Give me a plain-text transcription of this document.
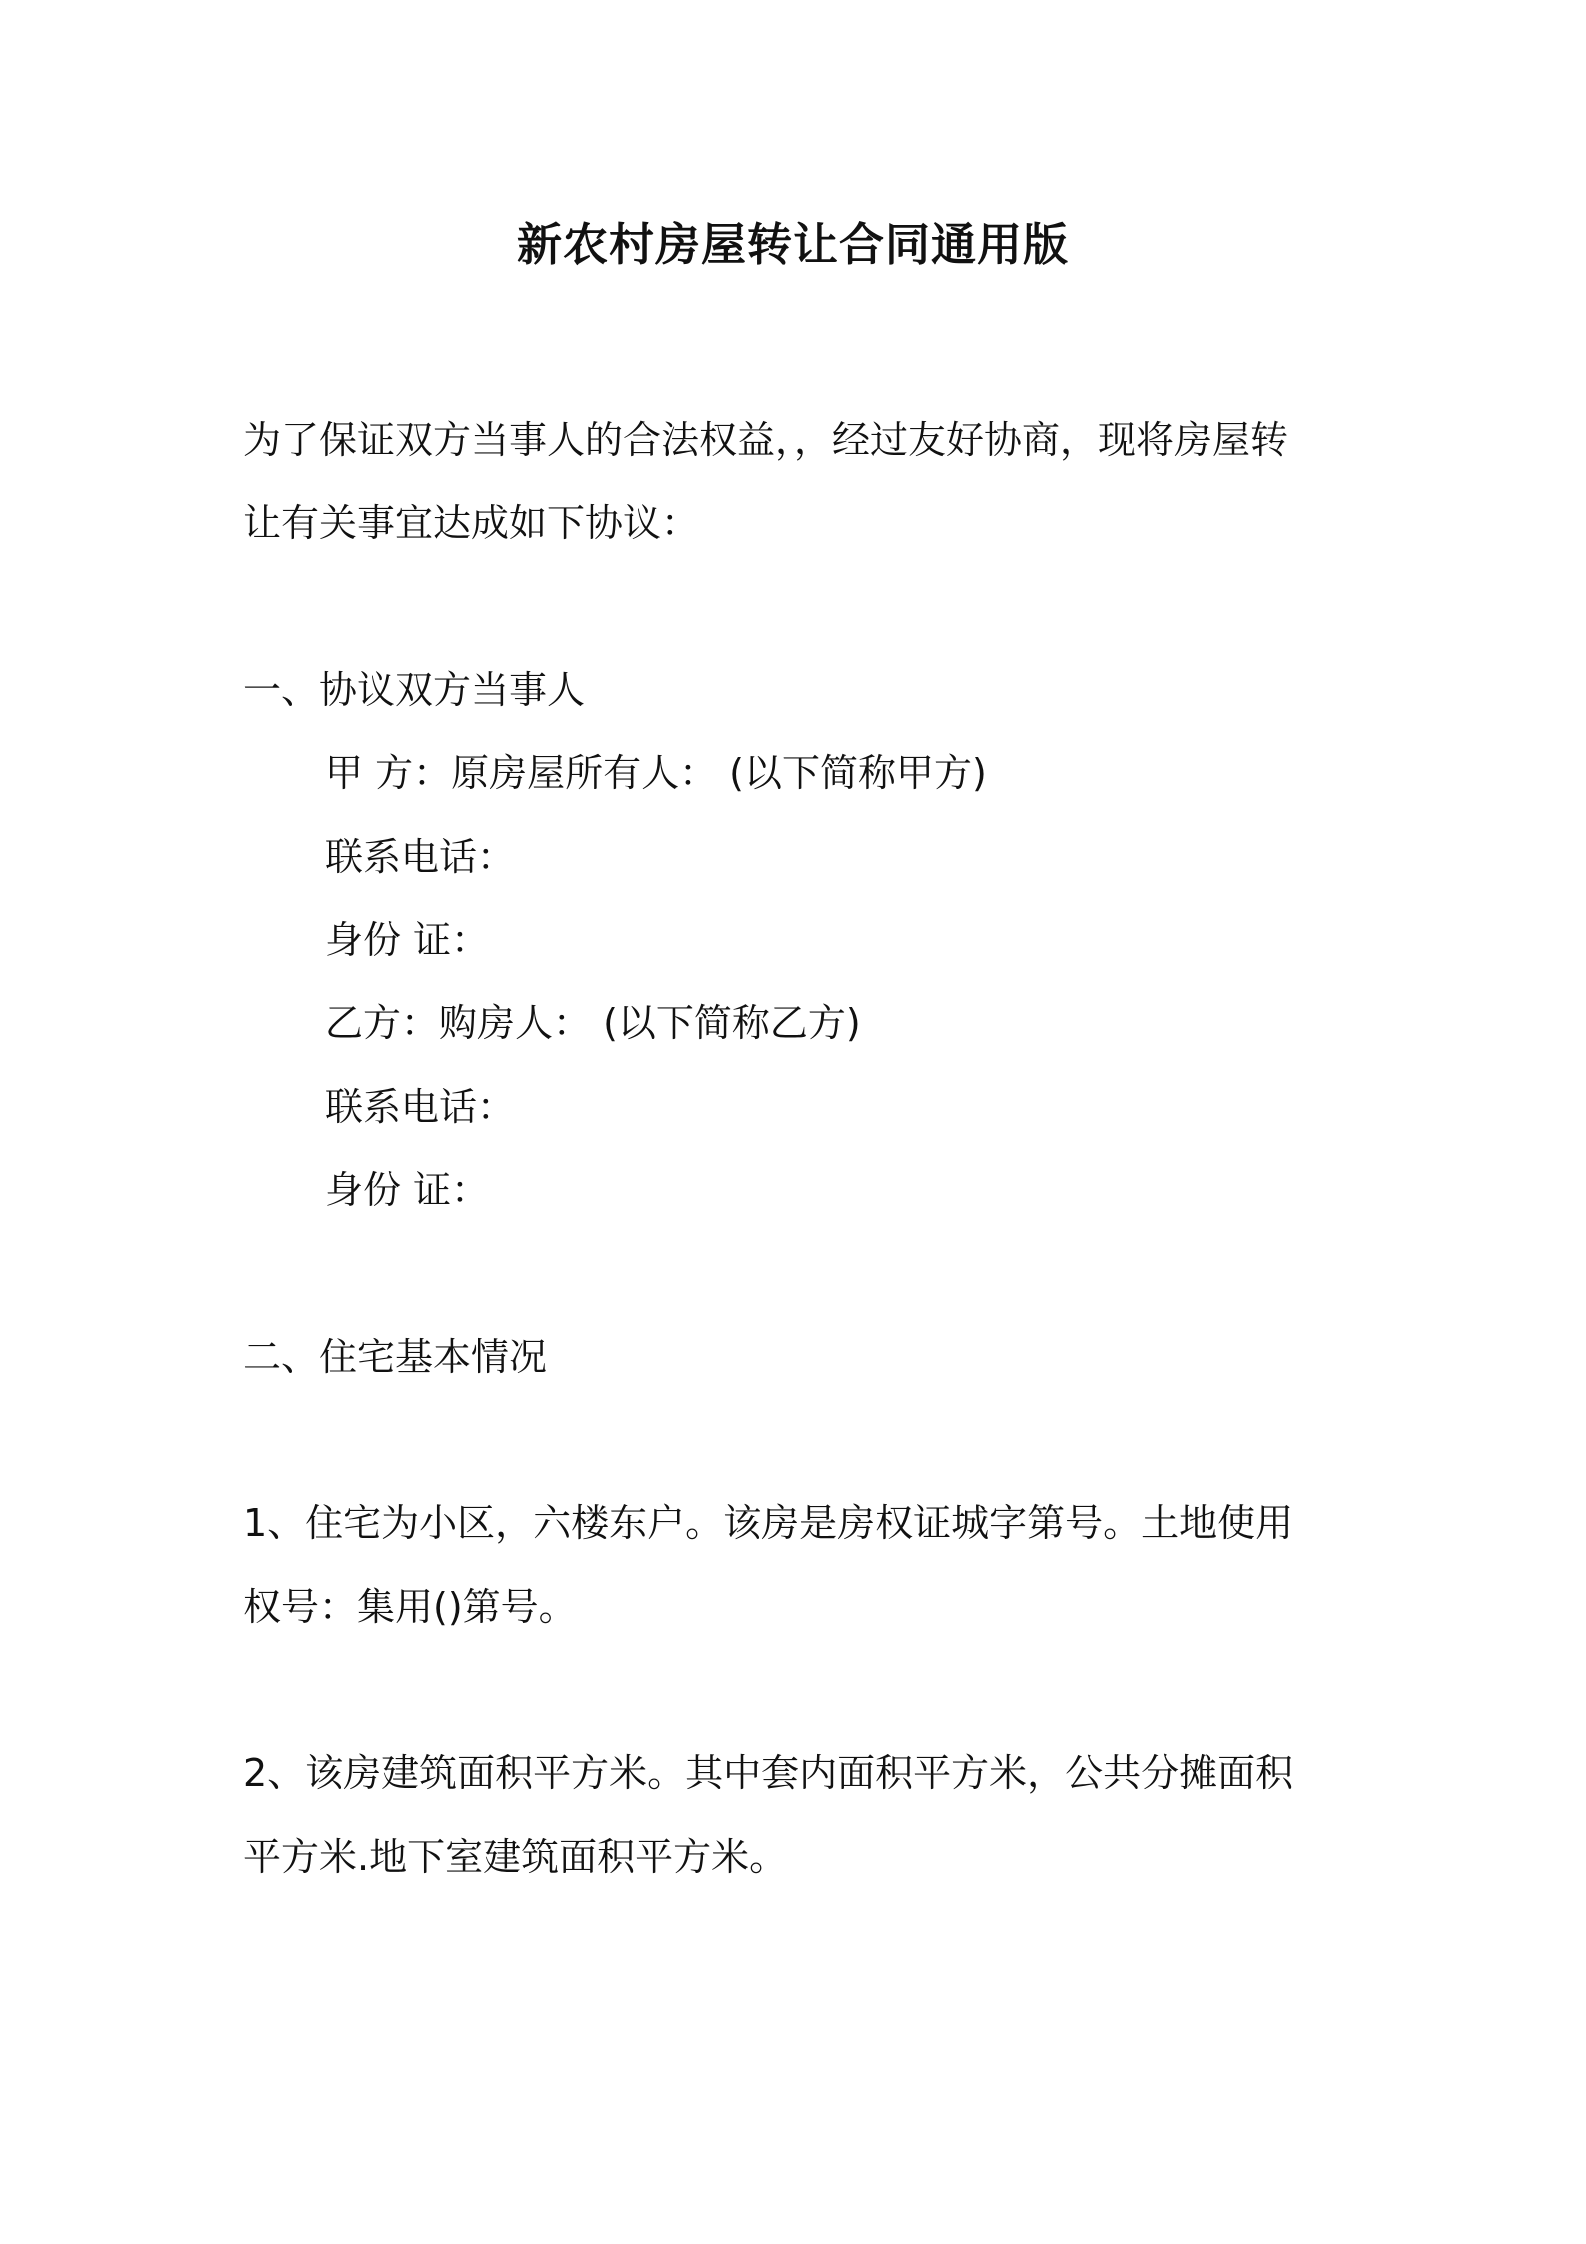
新农村房屋转让合同通用版
为了保证双方当事人的合法权益，，经过友好协商，现将房屋转
让有关事宜达成如下协议：
一、协议双方当事人
甲 方：原房屋所有人： (以下简称甲方)
联系电话：
身份 证：
乙方：购房人： (以下简称乙方)
联系电话：
身份 证：
二、住宅基本情况
1、住宅为小区，六楼东户。该房是房权证城字第号。土地使用
权号：集用()第号。
2、该房建筑面积平方米。其中套内面积平方米，公共分摊面积
平方米.地下室建筑面积平方米。
